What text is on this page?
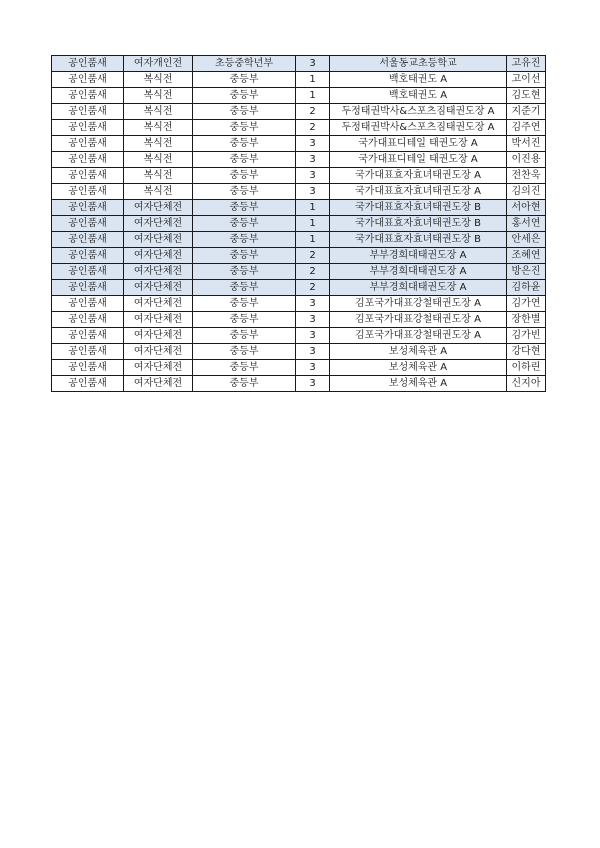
공인품새	여자개인전	초등중학년부	3	서울동교초등학교	고유진
공인품새	복식전	중등부	1	백호태권도 A	고이선
공인품새	복식전	중등부	1	백호태권도 A	김도현
공인품새	복식전	중등부	2	두정태권박사&스포츠짐태권도장 A	지준기
공인품새	복식전	중등부	2	두정태권박사&스포츠짐태권도장 A	김주연
공인품새	복식전	중등부	3	국가대표디테일 태권도장 A	박서진
공인품새	복식전	중등부	3	국가대표디테일 태권도장 A	이진용
공인품새	복식전	중등부	3	국가대표효자효녀태권도장 A	전찬욱
공인품새	복식전	중등부	3	국가대표효자효녀태권도장 A	김의진
공인품새	여자단체전	중등부	1	국가대표효자효녀태권도장 B	서아현
공인품새	여자단체전	중등부	1	국가대표효자효녀태권도장 B	홍서연
공인품새	여자단체전	중등부	1	국가대표효자효녀태권도장 B	안세은
공인품새	여자단체전	중등부	2	부부경희대태권도장 A	조혜연
공인품새	여자단체전	중등부	2	부부경희대태권도장 A	방은진
공인품새	여자단체전	중등부	2	부부경희대태권도장 A	김하윤
공인품새	여자단체전	중등부	3	김포국가대표강철태권도장 A	김가연
공인품새	여자단체전	중등부	3	김포국가대표강철태권도장 A	장한별
공인품새	여자단체전	중등부	3	김포국가대표강철태권도장 A	김가빈
공인품새	여자단체전	중등부	3	보성체육관 A	강다현
공인품새	여자단체전	중등부	3	보성체육관 A	이하린
공인품새	여자단체전	중등부	3	보성체육관 A	신지아
